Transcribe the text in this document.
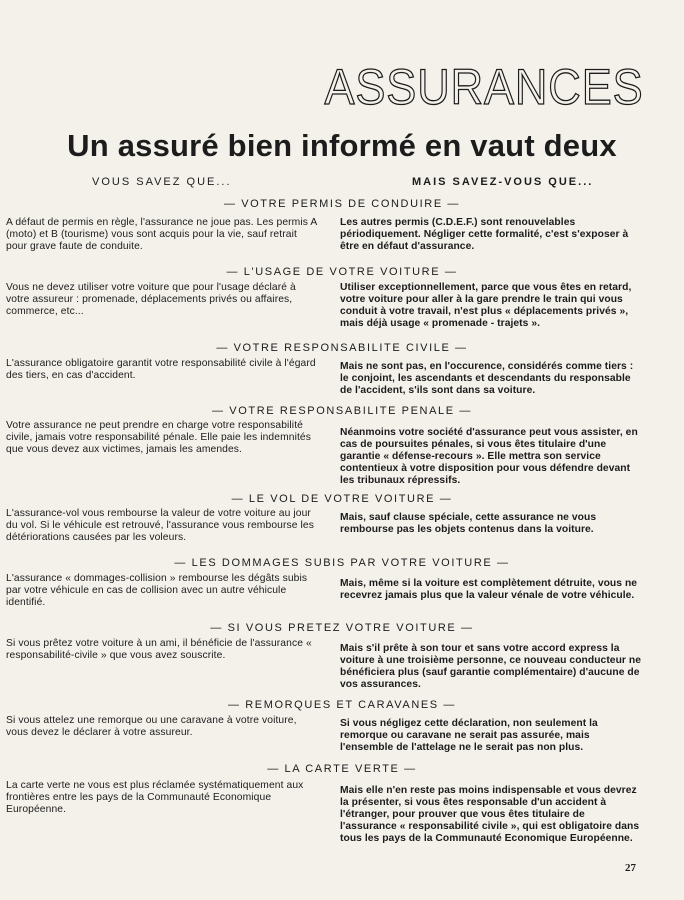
ASSURANCES
Un assuré bien informé en vaut deux
VOUS SAVEZ QUE...	MAIS SAVEZ-VOUS QUE...
— VOTRE PERMIS DE CONDUIRE —
A défaut de permis en règle, l'assurance ne joue pas. Les permis A (moto) et B (tourisme) vous sont acquis pour la vie, sauf retrait pour grave faute de conduite.
Les autres permis (C.D.E.F.) sont renouvelables périodiquement. Négliger cette formalité, c'est s'exposer à être en défaut d'assurance.
— L'USAGE DE VOTRE VOITURE —
Vous ne devez utiliser votre voiture que pour l'usage déclaré à votre assureur : promenade, déplacements privés ou affaires, commerce, etc...
Utiliser exceptionnellement, parce que vous êtes en retard, votre voiture pour aller à la gare prendre le train qui vous conduit à votre travail, n'est plus « déplacements privés », mais déjà usage « promenade - trajets ».
— VOTRE RESPONSABILITE CIVILE —
L'assurance obligatoire garantit votre responsabilité civile à l'égard des tiers, en cas d'accident.
Mais ne sont pas, en l'occurence, considérés comme tiers : le conjoint, les ascendants et descendants du responsable de l'accident, s'ils sont dans sa voiture.
— VOTRE RESPONSABILITE PENALE —
Votre assurance ne peut prendre en charge votre responsabilité civile, jamais votre responsabilité pénale. Elle paie les indemnités que vous devez aux victimes, jamais les amendes.
Néanmoins votre société d'assurance peut vous assister, en cas de poursuites pénales, si vous êtes titulaire d'une garantie « défense-recours ». Elle mettra son service contentieux à votre disposition pour vous défendre devant les tribunaux répressifs.
— LE VOL DE VOTRE VOITURE —
L'assurance-vol vous rembourse la valeur de votre voiture au jour du vol. Si le véhicule est retrouvé, l'assurance vous rembourse les détériorations causées par les voleurs.
Mais, sauf clause spéciale, cette assurance ne vous rembourse pas les objets contenus dans la voiture.
— LES DOMMAGES SUBIS PAR VOTRE VOITURE —
L'assurance « dommages-collision » rembourse les dégâts subis par votre véhicule en cas de collision avec un autre véhicule identifié.
Mais, même si la voiture est complètement détruite, vous ne recevrez jamais plus que la valeur vénale de votre véhicule.
— SI VOUS PRETEZ VOTRE VOITURE —
Si vous prêtez votre voiture à un ami, il bénéficie de l'assurance « responsabilité-civile » que vous avez souscrite.
Mais s'il prête à son tour et sans votre accord express la voiture à une troisième personne, ce nouveau conducteur ne bénéficiera plus (sauf garantie complémentaire) d'aucune de vos assurances.
— REMORQUES ET CARAVANES —
Si vous attelez une remorque ou une caravane à votre voiture, vous devez le déclarer à votre assureur.
Si vous négligez cette déclaration, non seulement la remorque ou caravane ne serait pas assurée, mais l'ensemble de l'attelage ne le serait pas non plus.
— LA CARTE VERTE —
La carte verte ne vous est plus réclamée systématiquement aux frontières entre les pays de la Communauté Economique Européenne.
Mais elle n'en reste pas moins indispensable et vous devrez la présenter, si vous êtes responsable d'un accident à l'étranger, pour prouver que vous êtes titulaire de l'assurance « responsabilité civile », qui est obligatoire dans tous les pays de la Communauté Economique Européenne.
27
